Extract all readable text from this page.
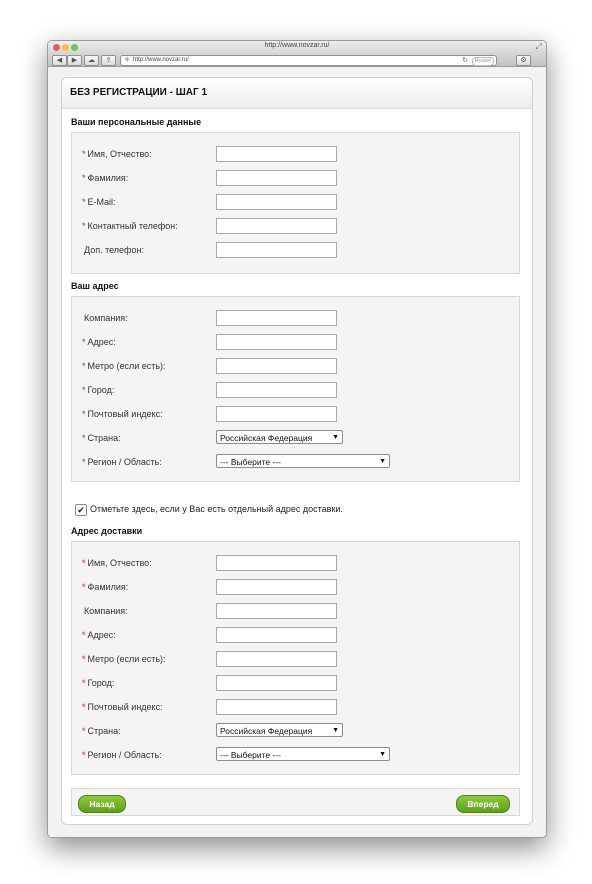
http://www.novzar.ru/	⤢
◀	▶	☁	⇪	⚘ http://www.novzar.ru/	↻	Reader	⚙
БЕЗ РЕГИСТРАЦИИ - ШАГ 1
Ваши персональные данные
* Имя, Отчество:
* Фамилия:
* E-Mail:
* Контактный телефон:
Доп. телефон:
Ваш адрес
Компания:
* Адрес:
* Метро (если есть):
* Город:
* Почтовый индекс:
* Страна:	Российская Федерация	▼
* Регион / Область:	--- Выберите ---	▼
✔ Отметьте здесь, если у Вас есть отдельный адрес доставки.
Адрес доставки
* Имя, Отчество:
* Фамилия:
Компания:
* Адрес:
* Метро (если есть):
* Город:
* Почтовый индекс:
* Страна:	Российская Федерация	▼
* Регион / Область:	--- Выберите ---	▼
Назад	Вперед
